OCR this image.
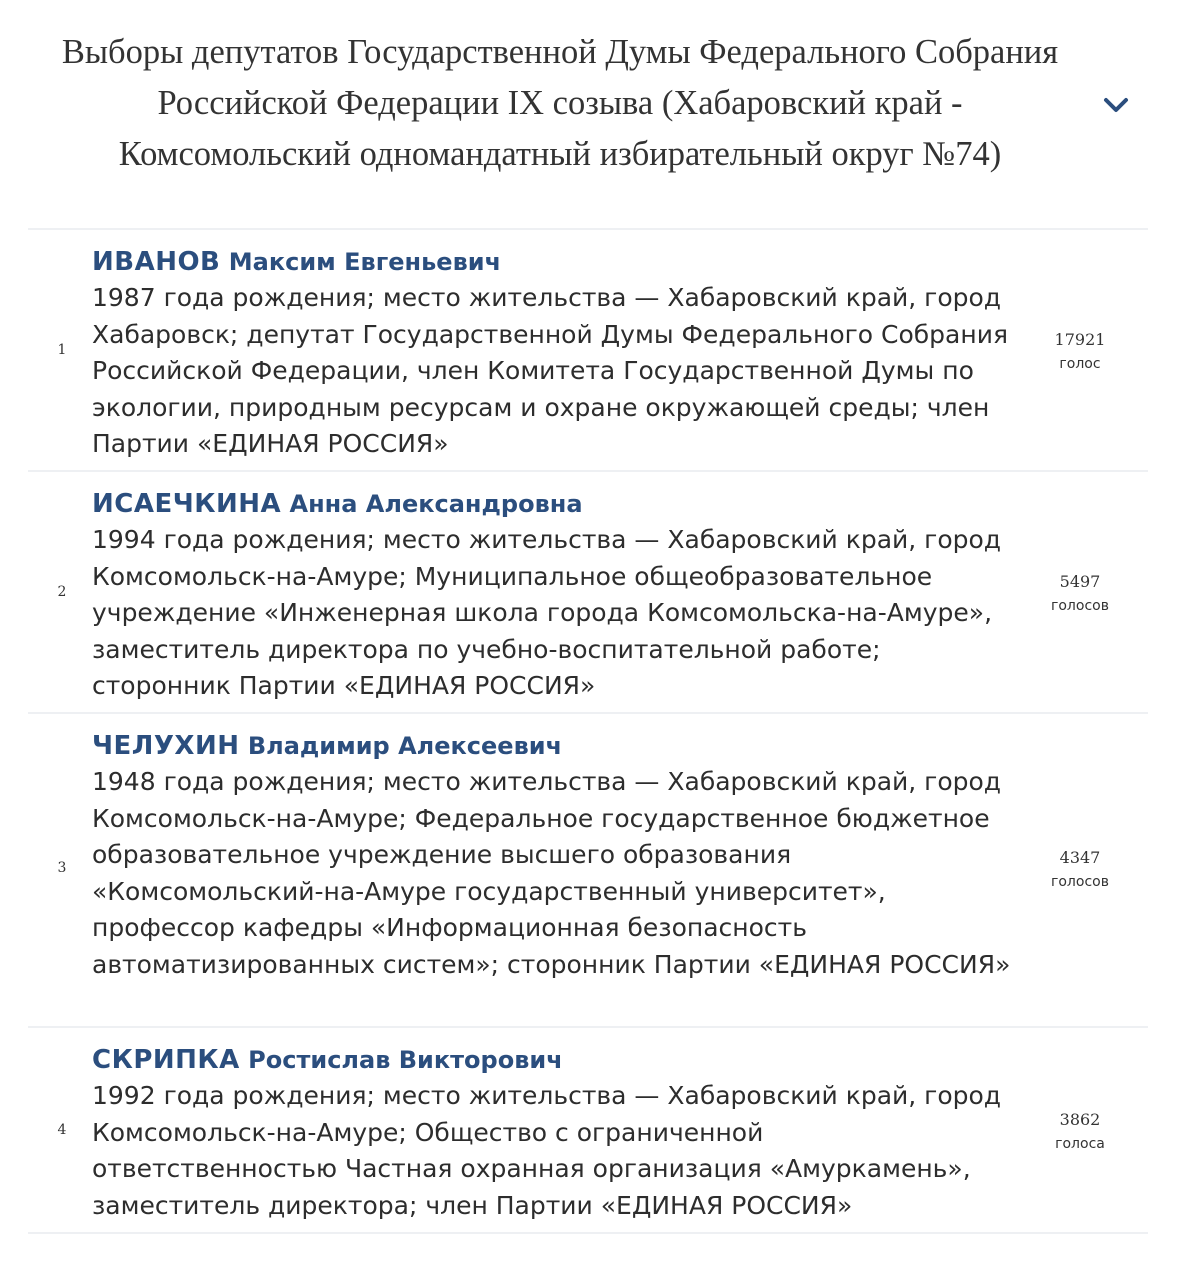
Выборы депутатов Государственной Думы Федерального Собрания Российской Федерации IX созыва (Хабаровский край - Комсомольский одномандатный избирательный округ №74)
1
ИВАНОВ Максим Евгеньевич

1987 года рождения; место жительства — Хабаровский край, город Хабаровск; депутат Государственной Думы Федерального Собрания Российской Федерации, член Комитета Государственной Думы по экологии, природным ресурсам и охране окружающей среды; член Партии «ЕДИНАЯ РОССИЯ»

17921
голос
2
ИСАЕЧКИНА Анна Александровна

1994 года рождения; место жительства — Хабаровский край, город Комсомольск-на-Амуре; Муниципальное общеобразовательное учреждение «Инженерная школа города Комсомольска-на-Амуре», заместитель директора по учебно-воспитательной работе; сторонник Партии «ЕДИНАЯ РОССИЯ»

5497
голосов
3
ЧЕЛУХИН Владимир Алексеевич

1948 года рождения; место жительства — Хабаровский край, город Комсомольск-на-Амуре; Федеральное государственное бюджетное образовательное учреждение высшего образования «Комсомольский-на-Амуре государственный университет», профессор кафедры «Информационная безопасность автоматизированных систем»; сторонник Партии «ЕДИНАЯ РОССИЯ»

4347
голосов
4
СКРИПКА Ростислав Викторович

1992 года рождения; место жительства — Хабаровский край, город Комсомольск-на-Амуре; Общество с ограниченной ответственностью Частная охранная организация «Амуркамень», заместитель директора; член Партии «ЕДИНАЯ РОССИЯ»

3862
голоса
